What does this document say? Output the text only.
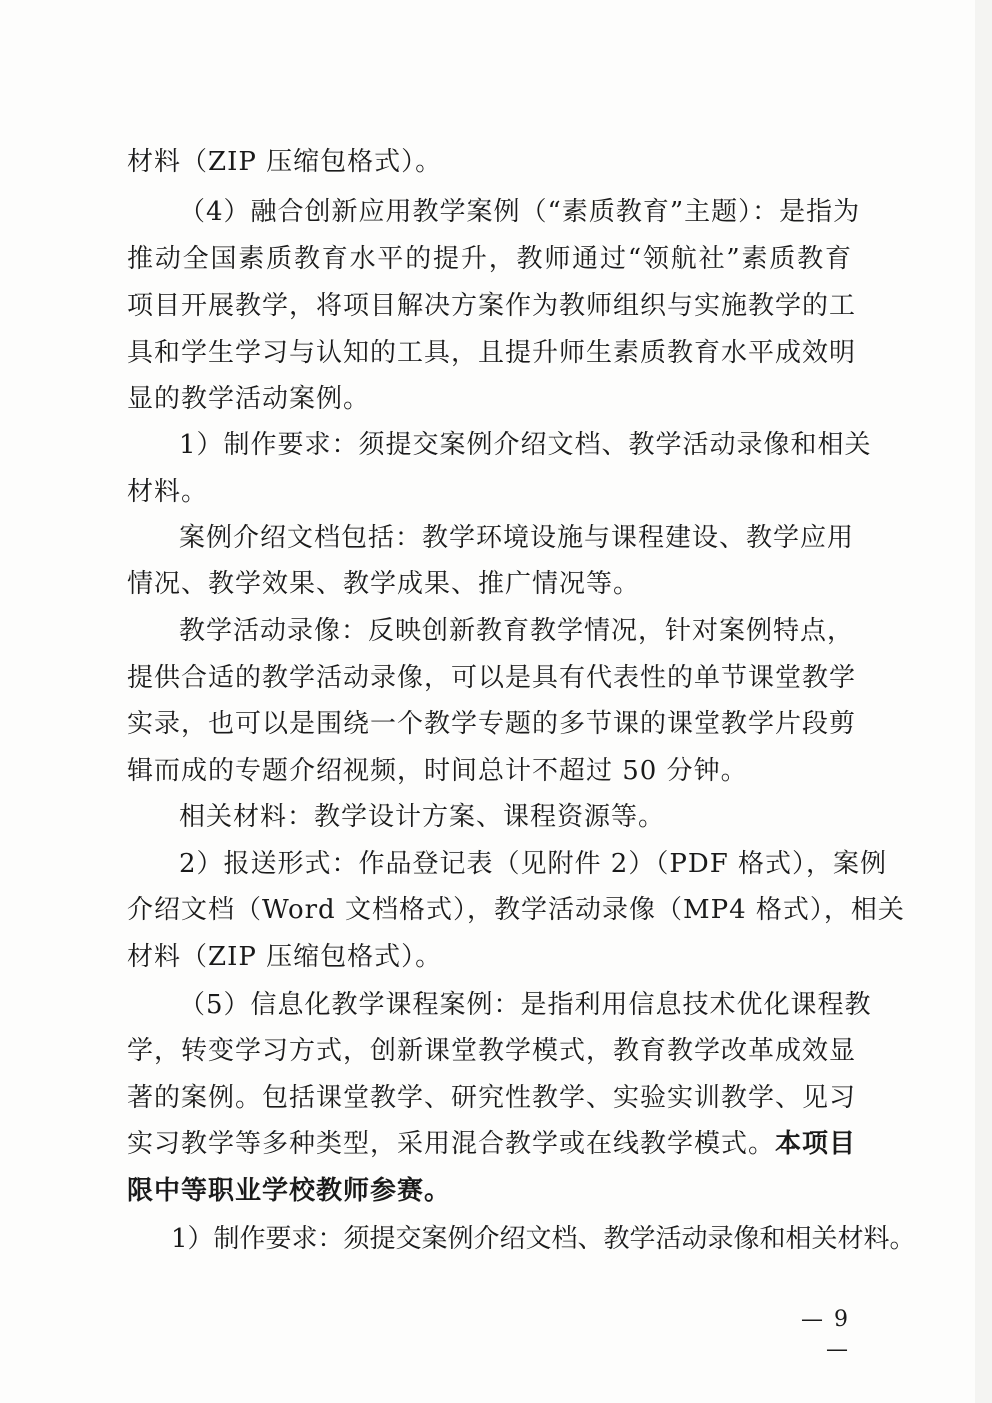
材料（ZIP 压缩包格式）。
（4）融合创新应用教学案例（“素质教育”主题）：是指为
推动全国素质教育水平的提升，教师通过“领航社”素质教育
项目开展教学，将项目解决方案作为教师组织与实施教学的工
具和学生学习与认知的工具，且提升师生素质教育水平成效明
显的教学活动案例。
1）制作要求：须提交案例介绍文档、教学活动录像和相关
材料。
案例介绍文档包括：教学环境设施与课程建设、教学应用
情况、教学效果、教学成果、推广情况等。
教学活动录像：反映创新教育教学情况，针对案例特点，
提供合适的教学活动录像，可以是具有代表性的单节课堂教学
实录，也可以是围绕一个教学专题的多节课的课堂教学片段剪
辑而成的专题介绍视频，时间总计不超过 50 分钟。
相关材料：教学设计方案、课程资源等。
2）报送形式：作品登记表（见附件 2）（PDF 格式），案例
介绍文档（Word 文档格式），教学活动录像（MP4 格式），相关
材料（ZIP 压缩包格式）。
（5）信息化教学课程案例：是指利用信息技术优化课程教
学，转变学习方式，创新课堂教学模式，教育教学改革成效显
著的案例。包括课堂教学、研究性教学、实验实训教学、见习
实习教学等多种类型，采用混合教学或在线教学模式。 本项目
限中等职业学校教师参赛。
1）制作要求：须提交案例介绍文档、教学活动录像和相关材料。
— 9 —
